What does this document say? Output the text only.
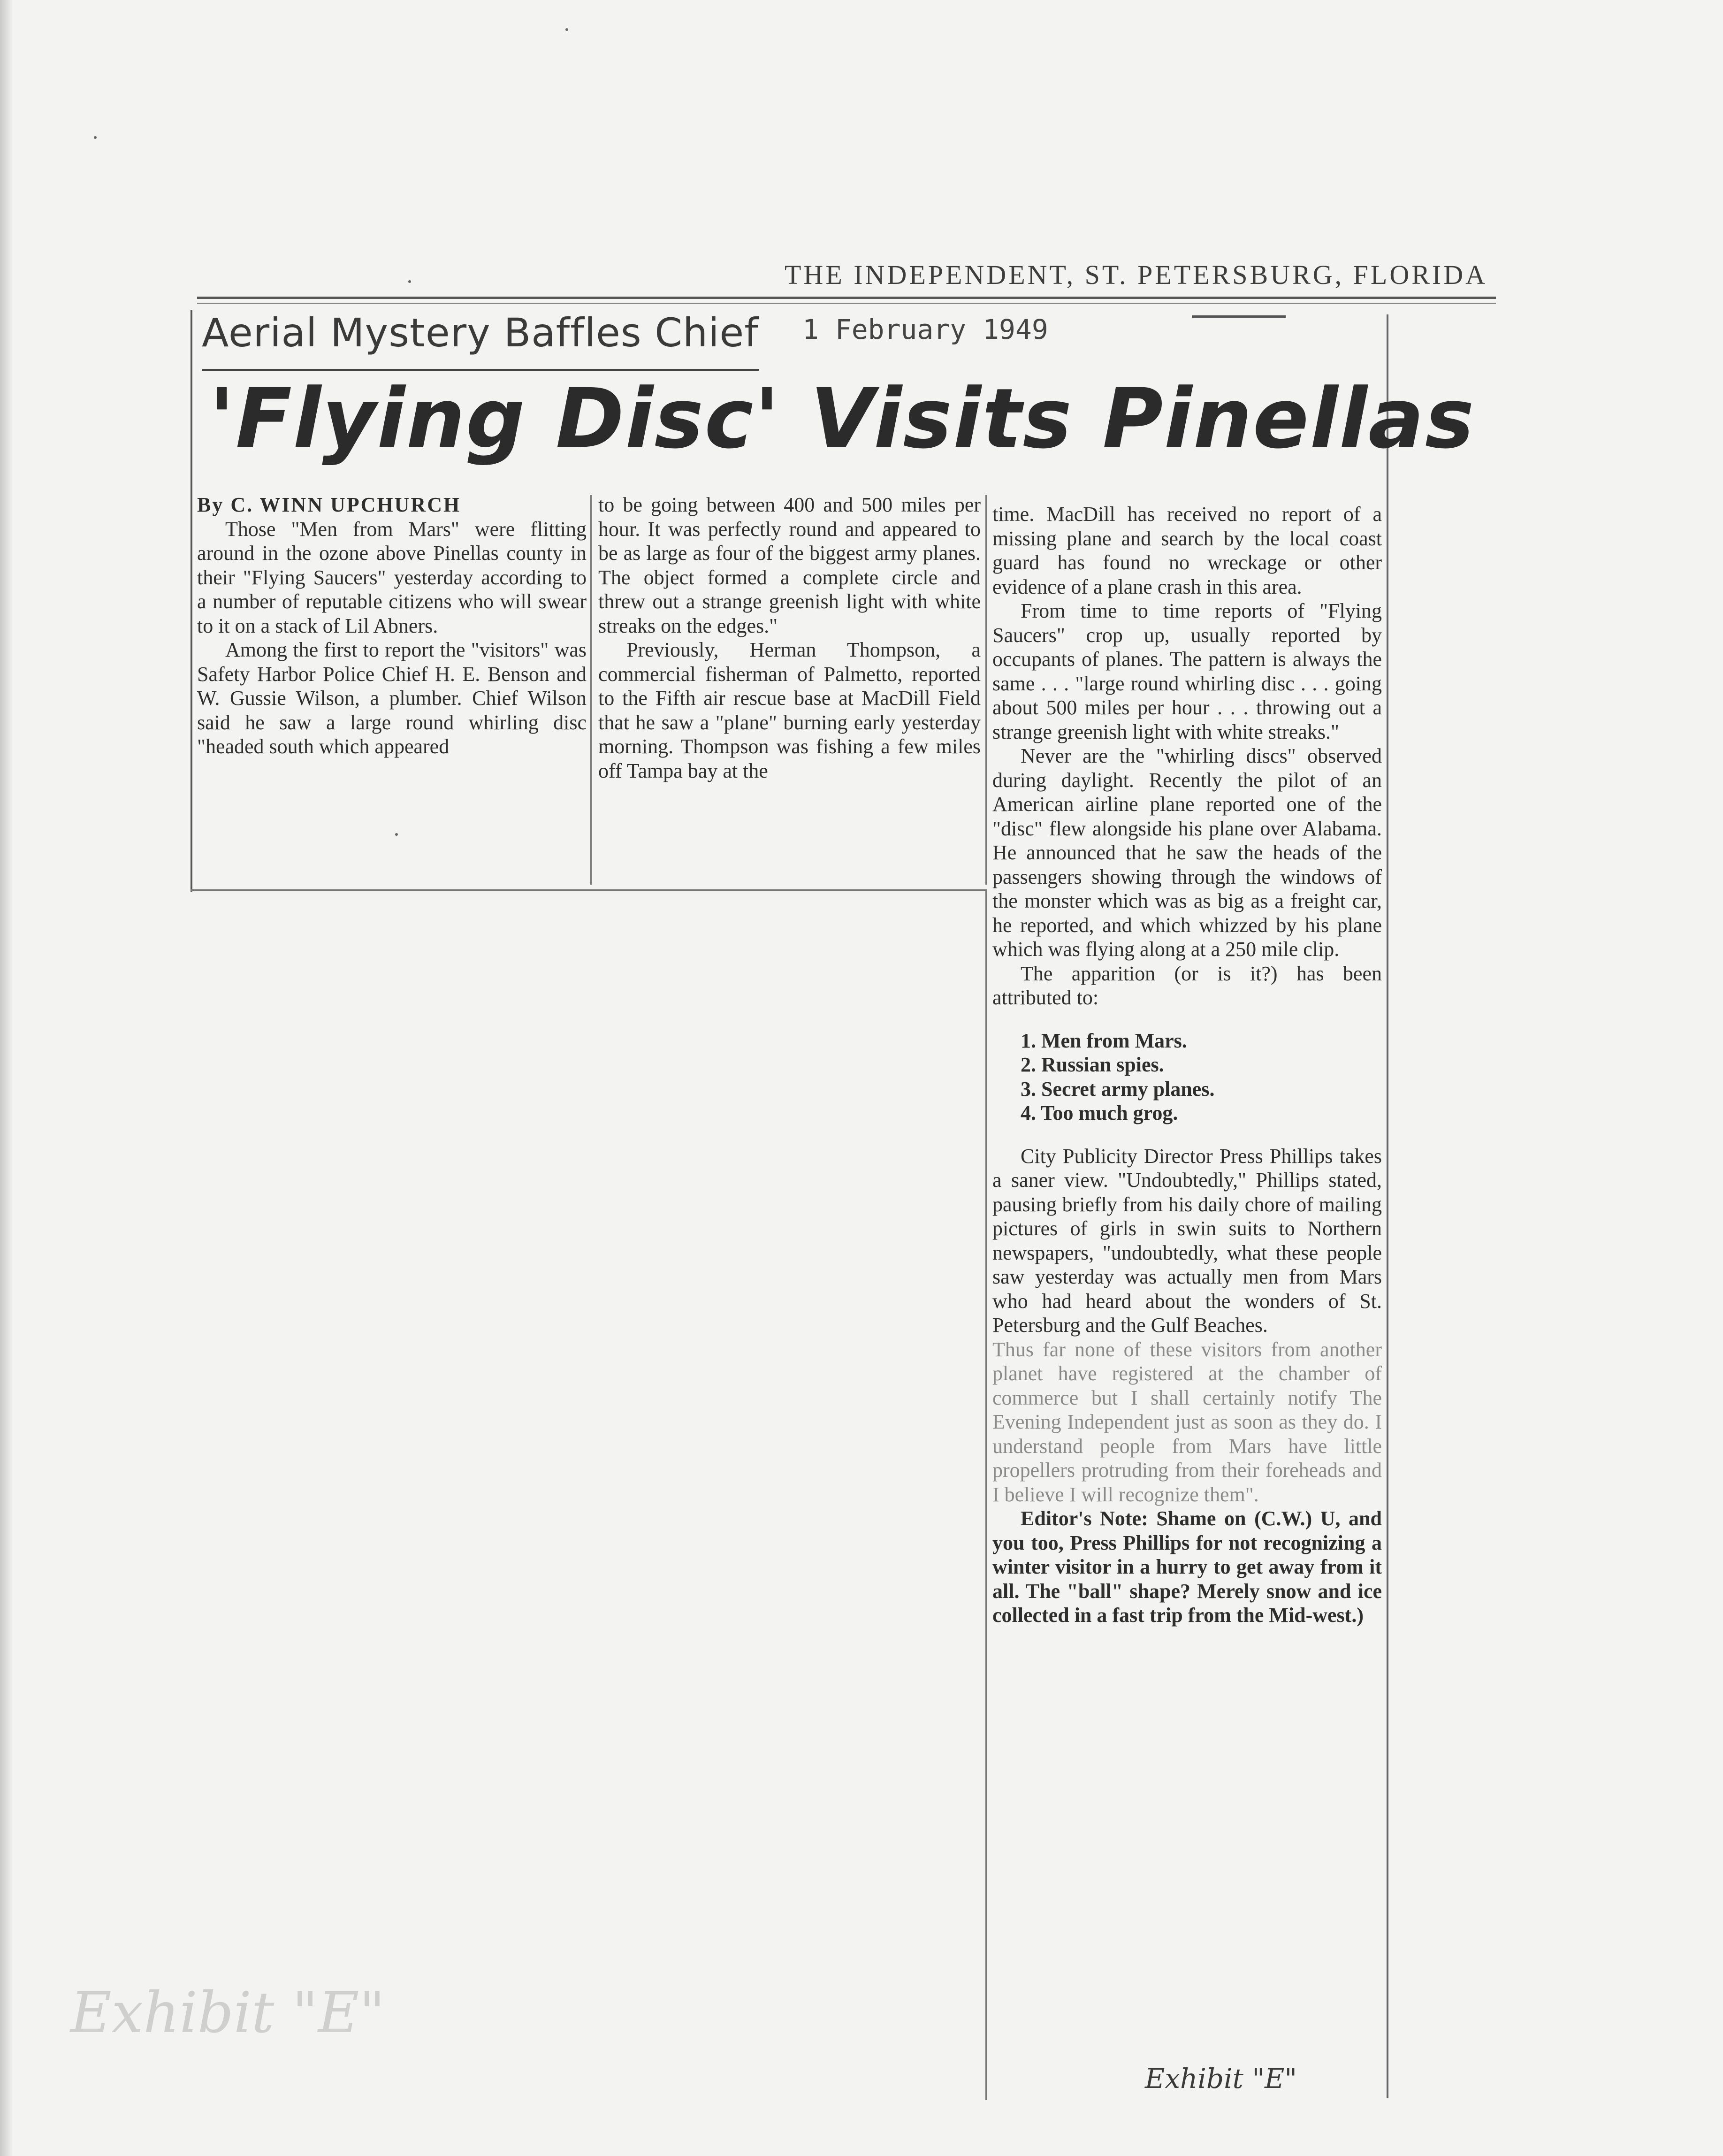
THE INDEPENDENT, ST. PETERSBURG, FLORIDA
Aerial Mystery Baffles Chief 1 February 1949
'Flying Disc' Visits Pinellas

By C. WINN UPCHURCH

Those "Men from Mars" were flitting around in the ozone above Pinellas county in their "Flying Saucers" yesterday according to a number of reputable citizens who will swear to it on a stack of Lil Abners.

Among the first to report the "visitors" was Safety Harbor Police Chief H. E. Benson and W. Gussie Wilson, a plumber. Chief Wilson said he saw a large round whirling disc "headed south which appeared

to be going between 400 and 500 miles per hour. It was perfectly round and appeared to be as large as four of the biggest army planes. The object formed a complete circle and threw out a strange greenish light with white streaks on the edges."

Previously, Herman Thompson, a commercial fisherman of Palmetto, reported to the Fifth air rescue base at MacDill Field that he saw a "plane" burning early yesterday morning. Thompson was fishing a few miles off Tampa bay at the

time. MacDill has received no report of a missing plane and search by the local coast guard has found no wreckage or other evidence of a plane crash in this area.

From time to time reports of "Flying Saucers" crop up, usually reported by occupants of planes. The pattern is always the same . . . "large round whirling disc . . . going about 500 miles per hour . . . throwing out a strange greenish light with white streaks."

Never are the "whirling discs" observed during daylight. Recently the pilot of an American airline plane reported one of the "disc" flew alongside his plane over Alabama. He announced that he saw the heads of the passengers showing through the windows of the monster which was as big as a freight car, he reported, and which whizzed by his plane which was flying along at a 250 mile clip.

The apparition (or is it?) has been attributed to:

1. Men from Mars.
2. Russian spies.
3. Secret army planes.
4. Too much grog.

City Publicity Director Press Phillips takes a saner view. "Undoubtedly," Phillips stated, pausing briefly from his daily chore of mailing pictures of girls in swin suits to Northern newspapers, "undoubtedly, what these people saw yesterday was actually men from Mars who had heard about the wonders of St. Petersburg and the Gulf Beaches.

Thus far none of these visitors from another planet have registered at the chamber of commerce but I shall certainly notify The Evening Independent just as soon as they do. I understand people from Mars have little propellers protruding from their foreheads and I believe I will recognize them".

Editor's Note: Shame on (C.W.) U, and you too, Press Phillips for not recognizing a winter visitor in a hurry to get away from it all. The "ball" shape? Merely snow and ice collected in a fast trip from the Mid-west.)

Exhibit "E"
Exhibit "E"
